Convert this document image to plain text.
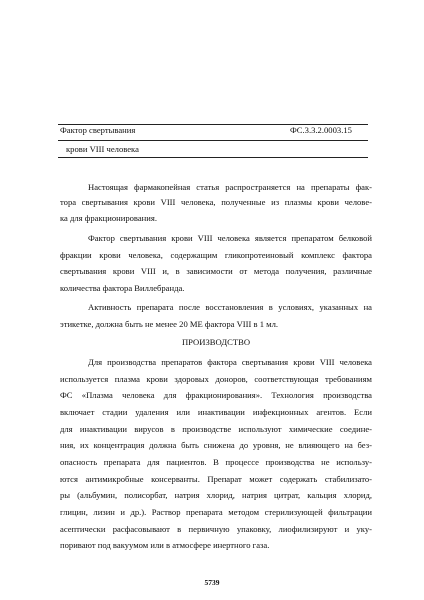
Фактор свертывания	ФС.3.3.2.0003.15
крови VIII человека
Настоящая фармакопейная статья распространяется на препараты фак-
тора свертывания крови VIII человека, полученные из плазмы крови челове-
ка для фракционирования.
Фактор свертывания крови VIII человека является препаратом белковой
фракции крови человека, содержащим гликопротеиновый комплекс фактора
свертывания крови VIII и, в зависимости от метода получения, различные
количества фактора Виллебранда.
Активность препарата после восстановления в условиях, указанных на
этикетке, должна быть не менее 20 МЕ фактора VIII в 1 мл.
ПРОИЗВОДСТВО
Для производства препаратов фактора свертывания крови VIII человека
используется плазма крови здоровых доноров, соответствующая требованиям
ФС «Плазма человека для фракционирования». Технология производства
включает стадии удаления или инактивации инфекционных агентов. Если
для инактивации вирусов в производстве используют химические соедине-
ния, их концентрация должна быть снижена до уровня, не влияющего на без-
опасность препарата для пациентов. В процессе производства не использу-
ются антимикробные консерванты. Препарат может содержать стабилизато-
ры (альбумин, полисорбат, натрия хлорид, натрия цитрат, кальция хлорид,
глицин, лизин и др.). Раствор препарата методом стерилизующей фильтрации
асептически расфасовывают в первичную упаковку, лиофилизируют и уку-
поривают под вакуумом или в атмосфере инертного газа.
5739
